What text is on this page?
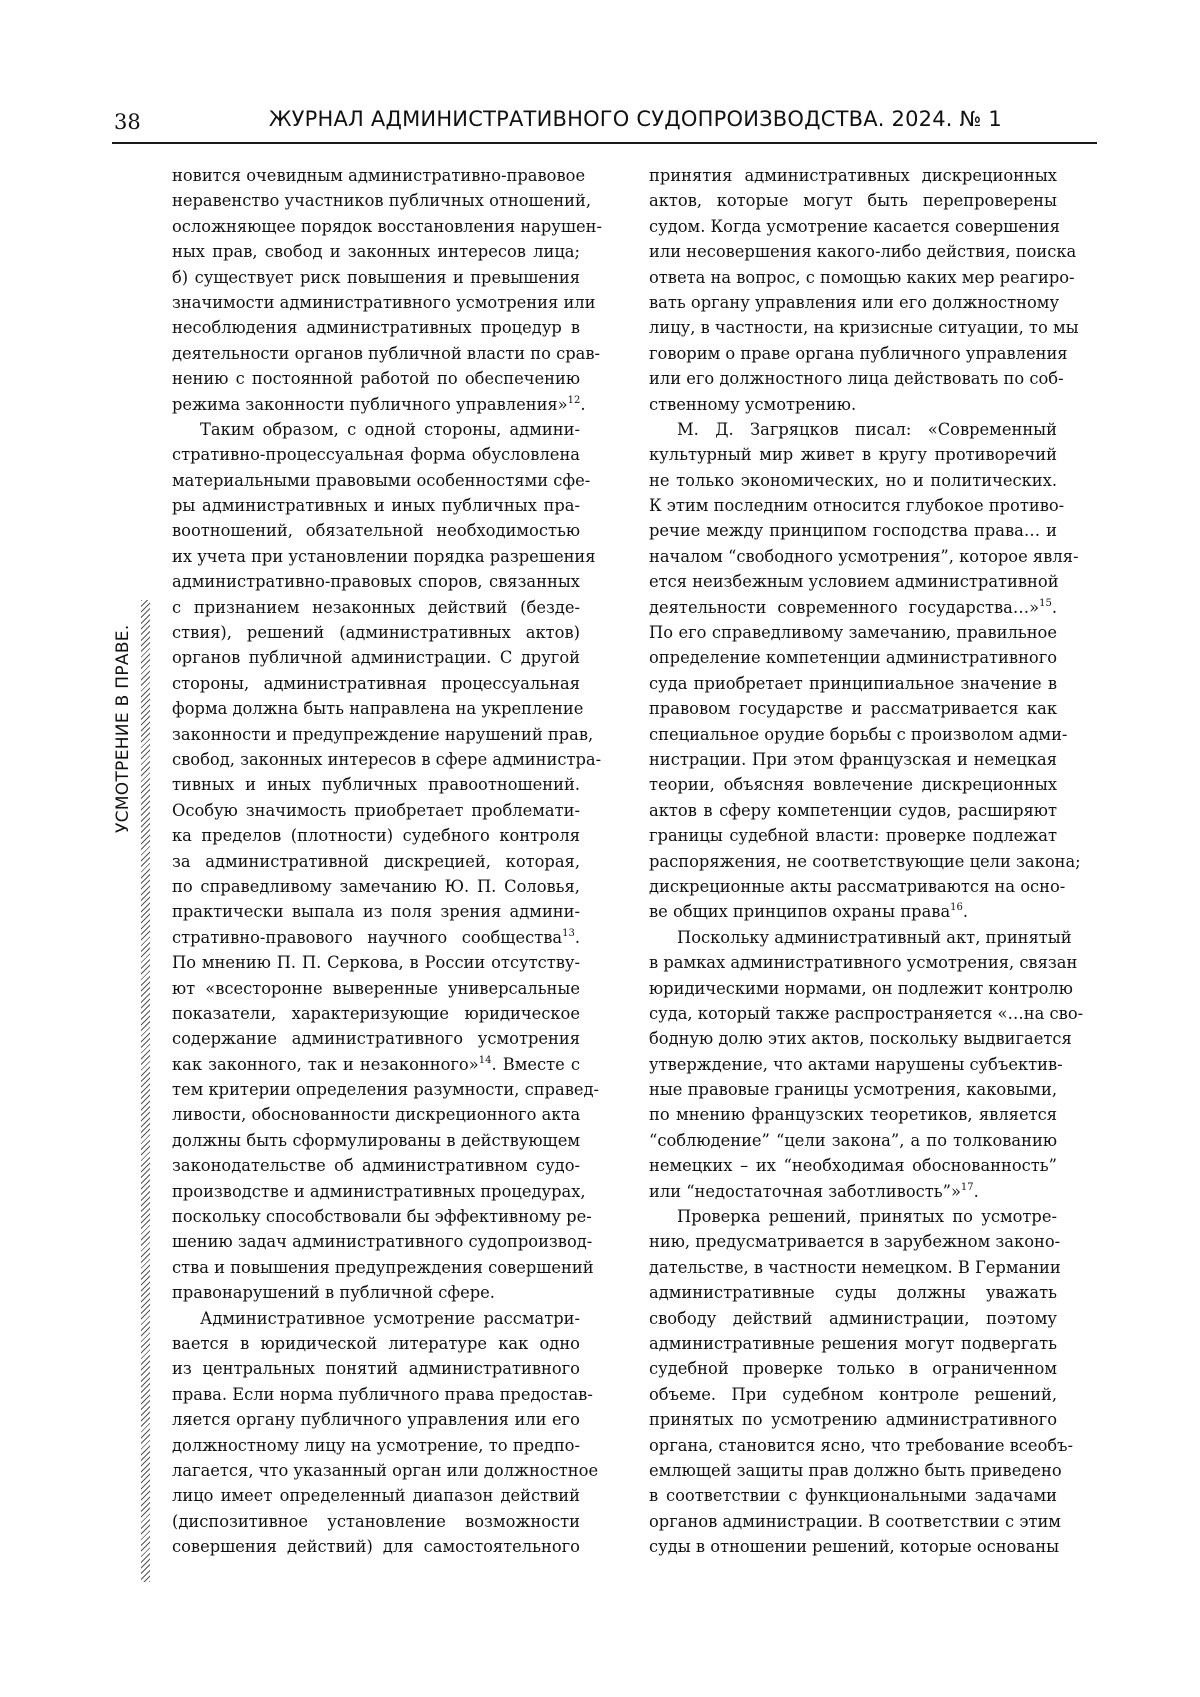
38	ЖУРНАЛ АДМИНИСТРАТИВНОГО СУДОПРОИЗВОДСТВА. 2024. № 1
УСМОТРЕНИЕ В ПРАВЕ.
новится очевидным административно-правовое
неравенство участников публичных отношений,
осложняющее порядок восстановления нарушен-
ных прав, свобод и законных интересов лица;
б) существует риск повышения и превышения
значимости административного усмотрения или
несоблюдения административных процедур в
деятельности органов публичной власти по срав-
нению с постоянной работой по обеспечению
режима законности публичного управления»12.
Таким образом, с одной стороны, админи-
стративно-процессуальная форма обусловлена
материальными правовыми особенностями сфе-
ры административных и иных публичных пра-
воотношений, обязательной необходимостью
их учета при установлении порядка разрешения
административно-правовых споров, связанных
с признанием незаконных действий (безде-
ствия), решений (административных актов)
органов публичной администрации. С другой
стороны, административная процессуальная
форма должна быть направлена на укрепление
законности и предупреждение нарушений прав,
свобод, законных интересов в сфере администра-
тивных и иных публичных правоотношений.
Особую значимость приобретает проблемати-
ка пределов (плотности) судебного контроля
за административной дискрецией, которая,
по справедливому замечанию Ю. П. Соловья,
практически выпала из поля зрения админи-
стративно-правового научного сообщества13.
По мнению П. П. Серкова, в России отсутству-
ют «всесторонне выверенные универсальные
показатели, характеризующие юридическое
содержание административного усмотрения
как законного, так и незаконного»14. Вместе с
тем критерии определения разумности, справед-
ливости, обоснованности дискреционного акта
должны быть сформулированы в действующем
законодательстве об административном судо-
производстве и административных процедурах,
поскольку способствовали бы эффективному ре-
шению задач административного судопроизвод-
ства и повышения предупреждения совершений
правонарушений в публичной сфере.
Административное усмотрение рассматри-
вается в юридической литературе как одно
из центральных понятий административного
права. Если норма публичного права предостав-
ляется органу публичного управления или его
должностному лицу на усмотрение, то предпо-
лагается, что указанный орган или должностное
лицо имеет определенный диапазон действий
(диспозитивное установление возможности
совершения действий) для самостоятельного
принятия административных дискреционных
актов, которые могут быть перепроверены
судом. Когда усмотрение касается совершения
или несовершения какого-либо действия, поиска
ответа на вопрос, с помощью каких мер реагиро-
вать органу управления или его должностному
лицу, в частности, на кризисные ситуации, то мы
говорим о праве органа публичного управления
или его должностного лица действовать по соб-
ственному усмотрению.
М. Д. Загряцков писал: «Современный
культурный мир живет в кругу противоречий
не только экономических, но и политических.
К этим последним относится глубокое противо-
речие между принципом господства права… и
началом “свободного усмотрения”, которое явля-
ется неизбежным условием административной
деятельности современного государства…»15.
По его справедливому замечанию, правильное
определение компетенции административного
суда приобретает принципиальное значение в
правовом государстве и рассматривается как
специальное орудие борьбы с произволом адми-
нистрации. При этом французская и немецкая
теории, объясняя вовлечение дискреционных
актов в сферу компетенции судов, расширяют
границы судебной власти: проверке подлежат
распоряжения, не соответствующие цели закона;
дискреционные акты рассматриваются на осно-
ве общих принципов охраны права16.
Поскольку административный акт, принятый
в рамках административного усмотрения, связан
юридическими нормами, он подлежит контролю
суда, который также распространяется «…на сво-
бодную долю этих актов, поскольку выдвигается
утверждение, что актами нарушены субъектив-
ные правовые границы усмотрения, каковыми,
по мнению французских теоретиков, является
“соблюдение” “цели закона”, а по толкованию
немецких – их “необходимая обоснованность”
или “недостаточная заботливость”»17.
Проверка решений, принятых по усмотре-
нию, предусматривается в зарубежном законо-
дательстве, в частности немецком. В Германии
административные суды должны уважать
свободу действий администрации, поэтому
административные решения могут подвергать
судебной проверке только в ограниченном
объеме. При судебном контроле решений,
принятых по усмотрению административного
органа, становится ясно, что требование всеобъ-
емлющей защиты прав должно быть приведено
в соответствии с функциональными задачами
органов администрации. В соответствии с этим
суды в отношении решений, которые основаны
